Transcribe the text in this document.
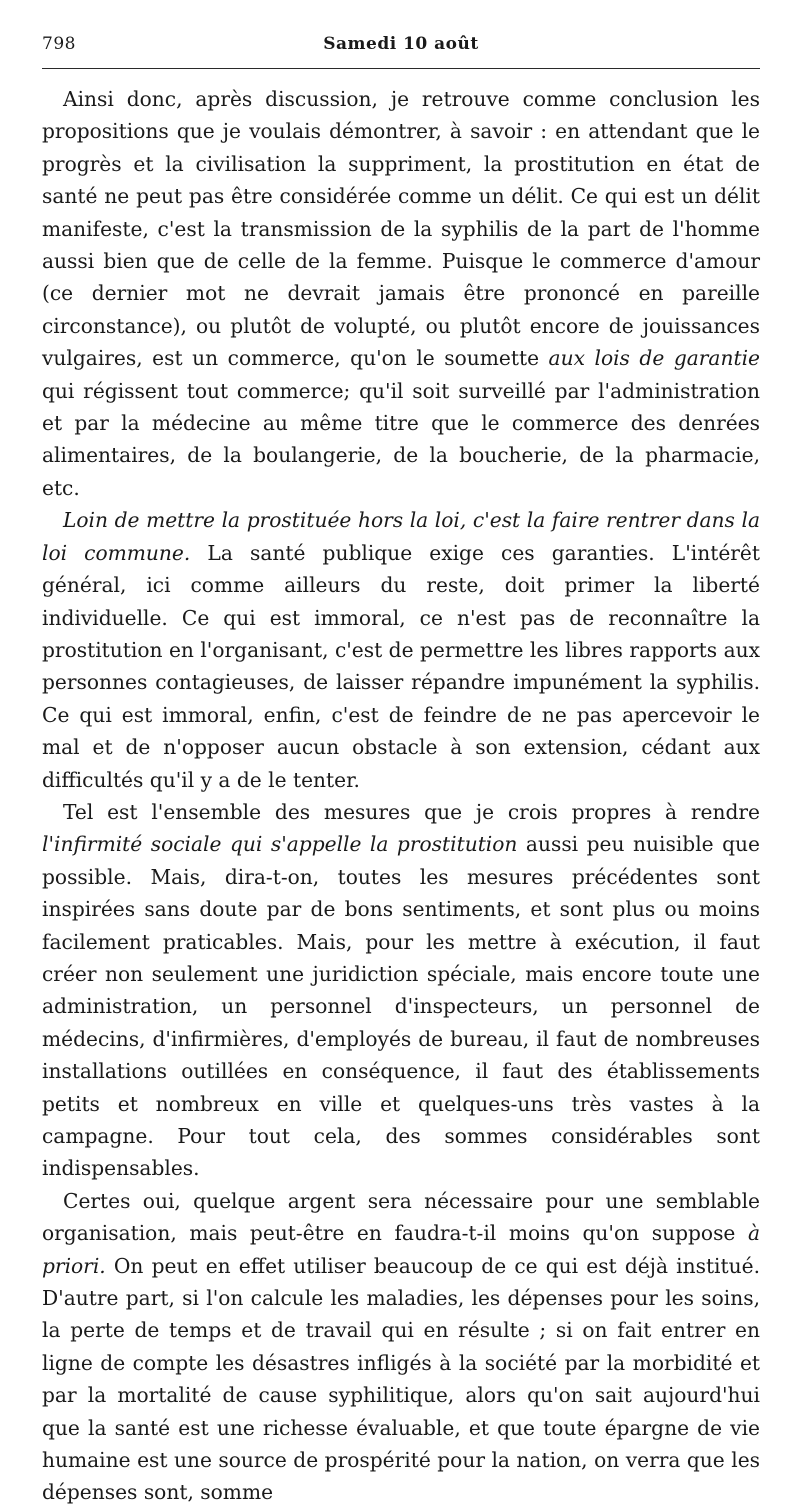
798	Samedi 10 août

Ainsi donc, après discussion, je retrouve comme conclusion les propositions que je voulais démontrer, à savoir : en attendant que le progrès et la civilisation la suppriment, la prostitution en état de santé ne peut pas être considérée comme un délit. Ce qui est un délit manifeste, c'est la transmission de la syphilis de la part de l'homme aussi bien que de celle de la femme. Puisque le commerce d'amour (ce dernier mot ne devrait jamais être prononcé en pareille circonstance), ou plutôt de volupté, ou plutôt encore de jouissances vulgaires, est un commerce, qu'on le soumette aux lois de garantie qui régissent tout commerce; qu'il soit surveillé par l'administration et par la médecine au même titre que le commerce des denrées alimentaires, de la boulangerie, de la boucherie, de la pharmacie, etc.

Loin de mettre la prostituée hors la loi, c'est la faire rentrer dans la loi commune. La santé publique exige ces garanties. L'intérêt général, ici comme ailleurs du reste, doit primer la liberté individuelle. Ce qui est immoral, ce n'est pas de reconnaître la prostitution en l'organisant, c'est de permettre les libres rapports aux personnes contagieuses, de laisser répandre impunément la syphilis. Ce qui est immoral, enfin, c'est de feindre de ne pas apercevoir le mal et de n'opposer aucun obstacle à son extension, cédant aux difficultés qu'il y a de le tenter.

Tel est l'ensemble des mesures que je crois propres à rendre l'infirmité sociale qui s'appelle la prostitution aussi peu nuisible que possible. Mais, dira-t-on, toutes les mesures précédentes sont inspirées sans doute par de bons sentiments, et sont plus ou moins facilement praticables. Mais, pour les mettre à exécution, il faut créer non seulement une juridiction spéciale, mais encore toute une administration, un personnel d'inspecteurs, un personnel de médecins, d'infirmières, d'employés de bureau, il faut de nombreuses installations outillées en conséquence, il faut des établissements petits et nombreux en ville et quelques-uns très vastes à la campagne. Pour tout cela, des sommes considérables sont indispensables.

Certes oui, quelque argent sera nécessaire pour une semblable organisation, mais peut-être en faudra-t-il moins qu'on suppose à priori. On peut en effet utiliser beaucoup de ce qui est déjà institué. D'autre part, si l'on calcule les maladies, les dépenses pour les soins, la perte de temps et de travail qui en résulte ; si on fait entrer en ligne de compte les désastres infligés à la société par la morbidité et par la mortalité de cause syphilitique, alors qu'on sait aujourd'hui que la santé est une richesse évaluable, et que toute épargne de vie humaine est une source de prospérité pour la nation, on verra que les dépenses sont, somme
